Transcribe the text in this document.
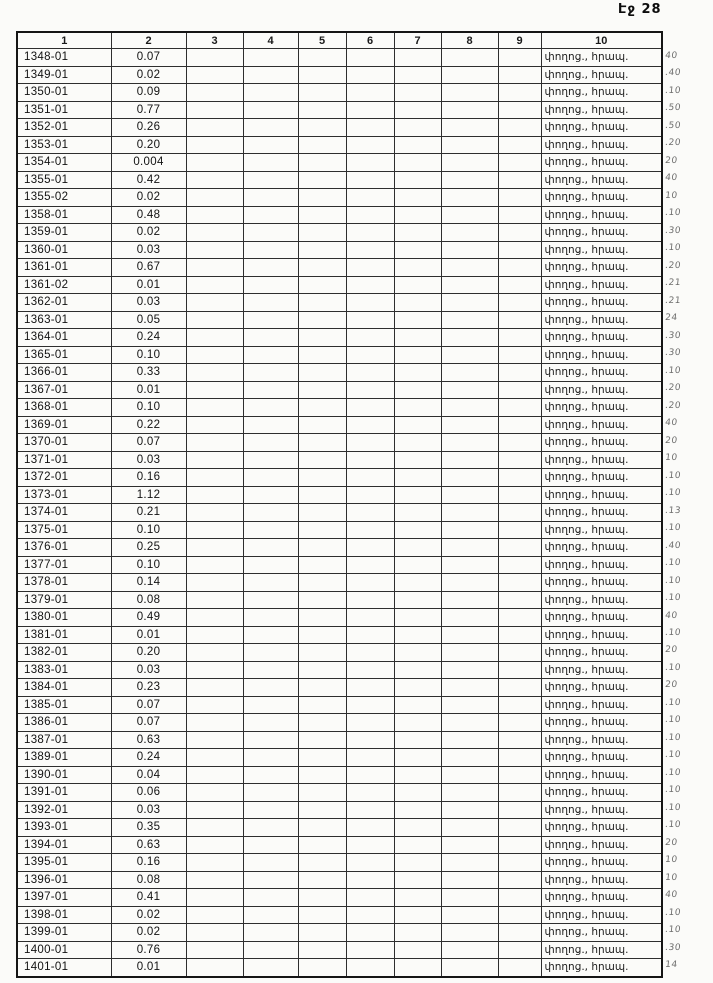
Էջ 28
1	2	3	4	5	6	7	8	9	10
1348-01	0.07								փողոց., հրապ.
1349-01	0.02								փողոց., հրապ.
1350-01	0.09								փողոց., հրապ.
1351-01	0.77								փողոց., հրապ.
1352-01	0.26								փողոց., հրապ.
1353-01	0.20								փողոց., հրապ.
1354-01	0.004								փողոց., հրապ.
1355-01	0.42								փողոց., հրապ.
1355-02	0.02								փողոց., հրապ.
1358-01	0.48								փողոց., հրապ.
1359-01	0.02								փողոց., հրապ.
1360-01	0.03								փողոց., հրապ.
1361-01	0.67								փողոց., հրապ.
1361-02	0.01								փողոց., հրապ.
1362-01	0.03								փողոց., հրապ.
1363-01	0.05								փողոց., հրապ.
1364-01	0.24								փողոց., հրապ.
1365-01	0.10								փողոց., հրապ.
1366-01	0.33								փողոց., հրապ.
1367-01	0.01								փողոց., հրապ.
1368-01	0.10								փողոց., հրապ.
1369-01	0.22								փողոց., հրապ.
1370-01	0.07								փողոց., հրապ.
1371-01	0.03								փողոց., հրապ.
1372-01	0.16								փողոց., հրապ.
1373-01	1.12								փողոց., հրապ.
1374-01	0.21								փողոց., հրապ.
1375-01	0.10								փողոց., հրապ.
1376-01	0.25								փողոց., հրապ.
1377-01	0.10								փողոց., հրապ.
1378-01	0.14								փողոց., հրապ.
1379-01	0.08								փողոց., հրապ.
1380-01	0.49								փողոց., հրապ.
1381-01	0.01								փողոց., հրապ.
1382-01	0.20								փողոց., հրապ.
1383-01	0.03								փողոց., հրապ.
1384-01	0.23								փողոց., հրապ.
1385-01	0.07								փողոց., հրապ.
1386-01	0.07								փողոց., հրապ.
1387-01	0.63								փողոց., հրապ.
1389-01	0.24								փողոց., հրապ.
1390-01	0.04								փողոց., հրապ.
1391-01	0.06								փողոց., հրապ.
1392-01	0.03								փողոց., հրապ.
1393-01	0.35								փողոց., հրապ.
1394-01	0.63								փողոց., հրապ.
1395-01	0.16								փողոց., հրապ.
1396-01	0.08								փողոց., հրապ.
1397-01	0.41								փողոց., հրապ.
1398-01	0.02								փողոց., հրապ.
1399-01	0.02								փողոց., հրապ.
1400-01	0.76								փողոց., հրապ.
1401-01	0.01								փողոց., հրապ.
40
.40
.10
.50
.50
.20
20
40
10
.10
.30
.10
.20
.21
.21
24
.30
.30
.10
.20
.20
40
20
10
.10
.10
.13
.10
.40
.10
.10
.10
40
.10
20
.10
20
.10
.10
.10
.10
.10
.10
.10
.10
20
10
10
40
.10
.10
.30
14
